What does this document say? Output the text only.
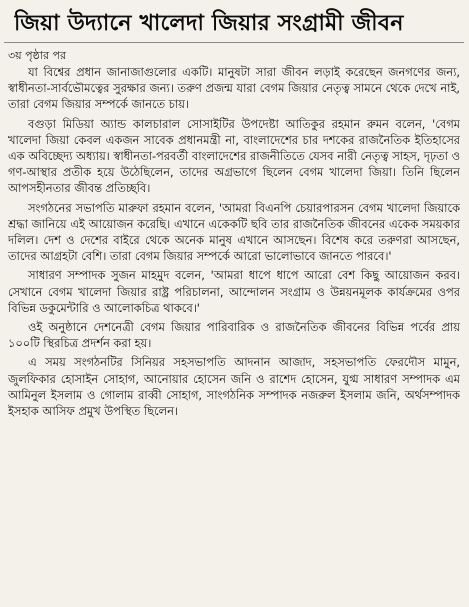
জিয়া উদ্যানে খালেদা জিয়ার সংগ্রামী জীবন
৩য় পৃষ্ঠার পর

যা বিশ্বের প্রধান জানাজাগুলোর একটি। মানুষটা সারা জীবন লড়াই করেছেন জনগণের জন্য, স্বাধীনতা-সার্বভৌমত্বের সুরক্ষার জন্য। তরুণ প্রজন্ম যারা বেগম জিয়ার নেতৃত্ব সামনে থেকে দেখে নাই, তারা বেগম জিয়ার সম্পর্কে জানতে চায়।

বগুড়া মিডিয়া অ্যান্ড কালচারাল সোসাইটির উপদেষ্টা আতিকুর রহমান রুমন বলেন, 'বেগম খালেদা জিয়া কেবল একজন সাবেক প্রধানমন্ত্রী না, বাংলাদেশের চার দশকের রাজনৈতিক ইতিহাসের এক অবিচ্ছেদ্য অধ্যায়। স্বাধীনতা-পরবর্তী বাংলাদেশের রাজনীতিতে যেসব নারী নেতৃত্ব সাহস, দৃঢ়তা ও গণ-আস্থার প্রতীক হয়ে উঠেছিলেন, তাদের অগ্রভাগে ছিলেন বেগম খালেদা জিয়া। তিনি ছিলেন আপসহীনতার জীবন্ত প্রতিচ্ছবি।

সংগঠনের সভাপতি মারুফা রহমান বলেন, 'আমরা বিএনপি চেয়ারপারসন বেগম খালেদা জিয়াকে শ্রদ্ধা জানিয়ে এই আয়োজন করেছি। এখানে একেকটি ছবি তার রাজনৈতিক জীবনের একেক সময়কার দলিল। দেশ ও দেশের বাইরে থেকে অনেক মানুষ এখানে আসছেন। বিশেষ করে তরুণরা আসছেন, তাদের আগ্রহটা বেশি। তারা বেগম জিয়ার সম্পর্কে আরো ভালোভাবে জানতে পারবে।'

সাধারণ সম্পাদক সুজন মাহমুদ বলেন, 'আমরা ধাপে ধাপে আরো বেশ কিছু আয়োজন করব। সেখানে বেগম খালেদা জিয়ার রাষ্ট্র পরিচালনা, আন্দোলন সংগ্রাম ও উন্নয়নমূলক কার্যক্রমের ওপর বিভিন্ন ডকুমেন্টারি ও আলোকচিত্র থাকবে।'

ওই অনুষ্ঠানে দেশনেত্রী বেগম জিয়ার পারিবারিক ও রাজনৈতিক জীবনের বিভিন্ন পর্বের প্রায় ১০০টি স্থিরচিত্র প্রদর্শন করা হয়।

এ সময় সংগঠনটির সিনিয়র সহসভাপতি আদনান আজাদ, সহসভাপতি ফেরদৌস মামুন, জুলফিকার হোসাইন সোহাগ, আনোয়ার হোসেন জনি ও রাশেদ হোসেন, যুগ্ম সাধারণ সম্পাদক এম আমিনুল ইসলাম ও গোলাম রাব্বী সোহাগ, সাংগঠনিক সম্পাদক নজরুল ইসলাম জনি, অর্থসম্পাদক ইসহাক আসিফ প্রমুখ উপস্থিত ছিলেন।
